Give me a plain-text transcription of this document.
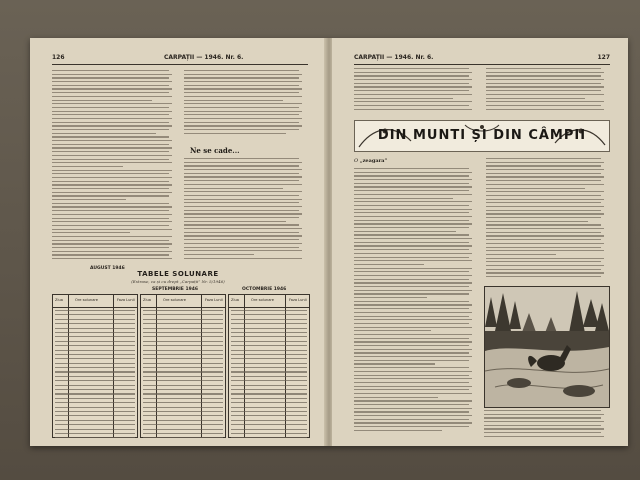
126	CARPAȚII — 1946. Nr. 6.
Ne se cade...
TABELE SOLUNARE
(Extrase, ca și cu drept „Carpații” Nr. 5/1946)
AUGUST 1946
SEPTEMBRIE 1946	OCTOMBRIE 1946
Ziua	Ore solunare	Faza Lunii Ziua	Ore solunare	Faza Lunii Ziua	Ore solunare	Faza Lunii
CARPAȚII — 1946. Nr. 6.	127
DIN MUNTI ȘI DIN CÂMPII
O „zeagara”
